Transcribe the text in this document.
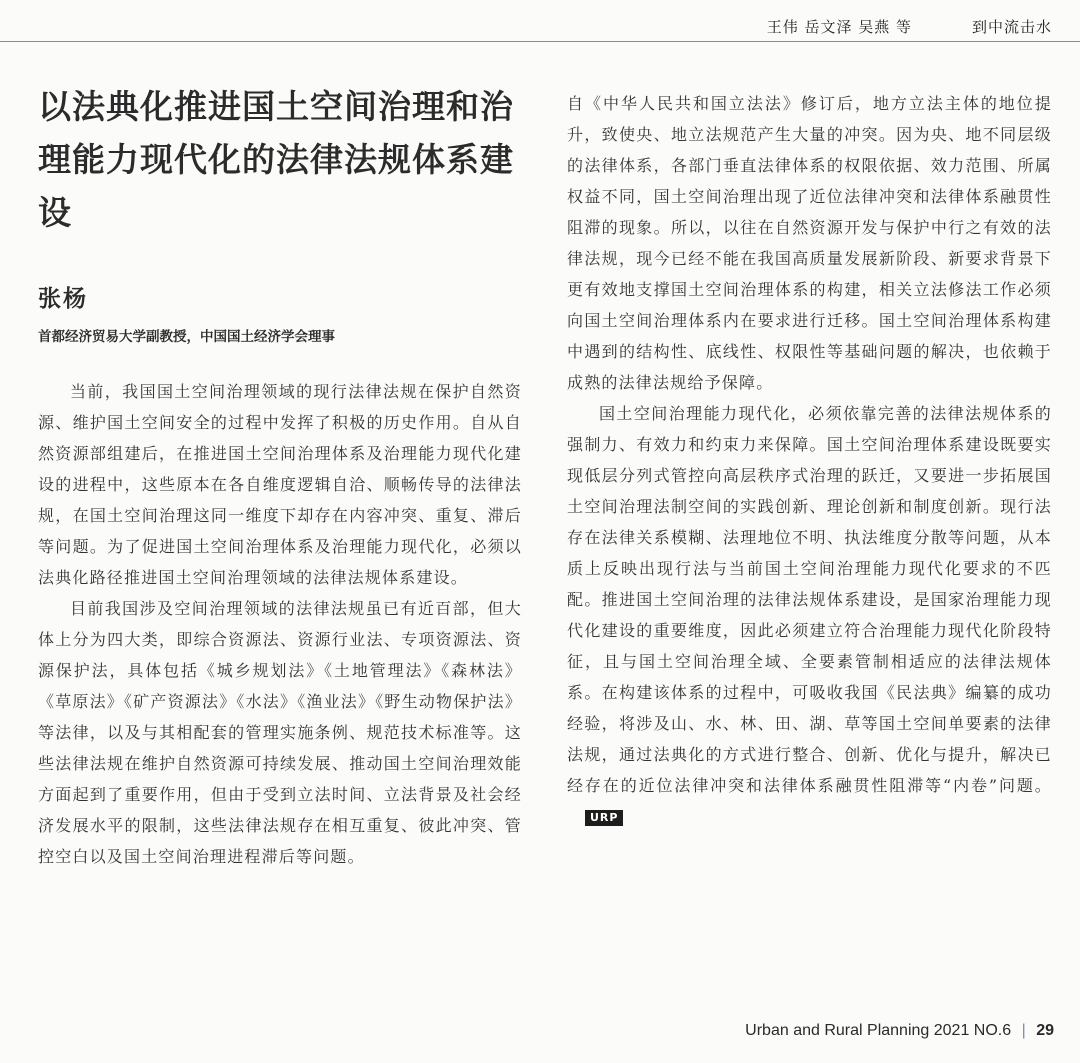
王伟 岳文泽 吴燕 等	到中流击水
以法典化推进国土空间治理和治理能力现代化的法律法规体系建设
张杨
首都经济贸易大学副教授，中国国土经济学会理事

当前，我国国土空间治理领域的现行法律法规在保护自然资源、维护国土空间安全的过程中发挥了积极的历史作用。自从自然资源部组建后，在推进国土空间治理体系及治理能力现代化建设的进程中，这些原本在各自维度逻辑自洽、顺畅传导的法律法规，在国土空间治理这同一维度下却存在内容冲突、重复、滞后等问题。为了促进国土空间治理体系及治理能力现代化，必须以法典化路径推进国土空间治理领域的法律法规体系建设。

目前我国涉及空间治理领域的法律法规虽已有近百部，但大体上分为四大类，即综合资源法、资源行业法、专项资源法、资源保护法，具体包括《城乡规划法》《土地管理法》《森林法》《草原法》《矿产资源法》《水法》《渔业法》《野生动物保护法》等法律，以及与其相配套的管理实施条例、规范技术标准等。这些法律法规在维护自然资源可持续发展、推动国土空间治理效能方面起到了重要作用，但由于受到立法时间、立法背景及社会经济发展水平的限制，这些法律法规存在相互重复、彼此冲突、管控空白以及国土空间治理进程滞后等问题。

自《中华人民共和国立法法》修订后，地方立法主体的地位提升，致使央、地立法规范产生大量的冲突。因为央、地不同层级的法律体系，各部门垂直法律体系的权限依据、效力范围、所属权益不同，国土空间治理出现了近位法律冲突和法律体系融贯性阻滞的现象。所以，以往在自然资源开发与保护中行之有效的法律法规，现今已经不能在我国高质量发展新阶段、新要求背景下更有效地支撑国土空间治理体系的构建，相关立法修法工作必须向国土空间治理体系内在要求进行迁移。国土空间治理体系构建中遇到的结构性、底线性、权限性等基础问题的解决，也依赖于成熟的法律法规给予保障。

国土空间治理能力现代化，必须依靠完善的法律法规体系的强制力、有效力和约束力来保障。国土空间治理体系建设既要实现低层分列式管控向高层秩序式治理的跃迁，又要进一步拓展国土空间治理法制空间的实践创新、理论创新和制度创新。现行法存在法律关系模糊、法理地位不明、执法维度分散等问题，从本质上反映出现行法与当前国土空间治理能力现代化要求的不匹配。推进国土空间治理的法律法规体系建设，是国家治理能力现代化建设的重要维度，因此必须建立符合治理能力现代化阶段特征，且与国土空间治理全域、全要素管制相适应的法律法规体系。在构建该体系的过程中，可吸收我国《民法典》编纂的成功经验，将涉及山、水、林、田、湖、草等国土空间单要素的法律法规，通过法典化的方式进行整合、创新、优化与提升，解决已经存在的近位法律冲突和法律体系融贯性阻滞等“内卷”问题。URP

Urban and Rural Planning 2021 NO.6 | 29
